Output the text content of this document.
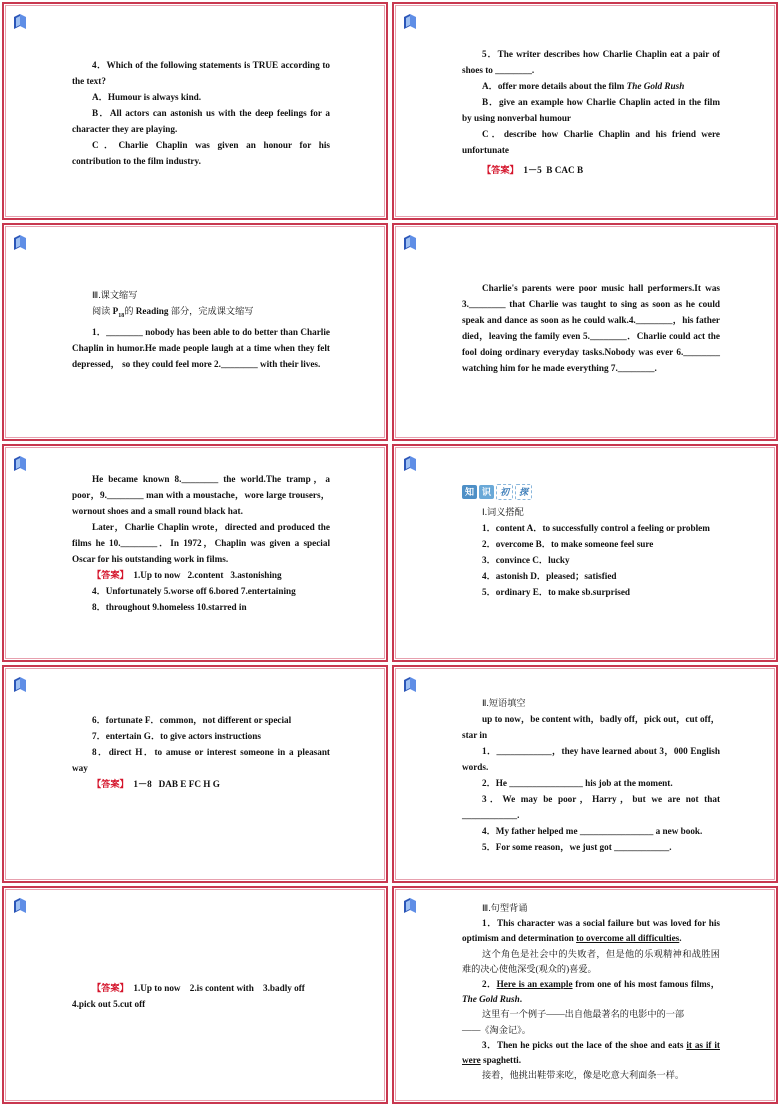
4．Which of the following statements is TRUE according to the text?

A．Humour is always kind.

B．All actors can astonish us with the deep feelings for a character they are playing.

C．Charlie Chaplin was given an honour for his contribution to the film industry.

5．The writer describes how Charlie Chaplin eat a pair of shoes to ________.

A．offer more details about the film The Gold Rush

B．give an example how Charlie Chaplin acted in the film by using nonverbal humour

C．describe how Charlie Chaplin and his friend were unfortunate

【答案】  1－5  B CAC B

Ⅲ.课文缩写

阅读 $P_{18}$的 Reading 部分，完成课文缩写

1．________ nobody has been able to do better than Charlie Chaplin in humor.He made people laugh at a time when they felt depressed， so they could feel more 2.________ with their lives.

Charlie's parents were poor music hall performers.It was 3.________ that Charlie was taught to sing as soon as he could speak and dance as soon as he could walk.4.________，his father died，leaving the family even 5.________．Charlie could act the fool doing ordinary everyday tasks.Nobody was ever 6.________ watching him for he made everything 7.________.

He became known 8.________ the world.The tramp，a poor，9.________ man with a moustache，wore large trousers，wornout shoes and a small round black hat.

Later，Charlie Chaplin wrote，directed and produced the films he 10.________．In 1972，Chaplin was given a special Oscar for his outstanding work in films.

【答案】  1.Up to now   2.content   3.astonishing

4．Unfortunately 5.worse off 6.bored 7.entertaining

8．throughout 9.homeless 10.starred in

知 识	初	探

Ⅰ.词义搭配

1．content A．to successfully control a feeling or problem

2．overcome B．to make someone feel sure

3．convince C．lucky

4．astonish D．pleased；satisfied

5．ordinary E．to make sb.surprised

6．fortunate F．common，not different or special

7．entertain G．to give actors instructions

8．direct H．to amuse or interest someone in a pleasant way

【答案】  1－8   DAB E FC H G

Ⅱ.短语填空

up to now，be content with，badly off，pick out，cut off，star in

1．____________，they have learned about 3，000 English words.

2．He ________________ his job at the moment.

3．We may be poor，Harry，but we are not that ____________.

4．My father helped me ________________ a new book.

5．For some reason，we just got ____________.

【答案】  1.Up to now    2.is content with    3.badly off

4.pick out 5.cut off

Ⅲ.句型背诵

1．This character was a social failure but was loved for his optimism and determination to overcome all difficulties.

这个角色是社会中的失败者，但是他的乐观精神和战胜困难的决心使他深受(观众的)喜爱。

2．Here is an example from one of his most famous films，The Gold Rush.

这里有一个例子——出自他最著名的电影中的一部

——《淘金记》。

3．Then he picks out the lace of the shoe and eats it as if it were spaghetti.

接着，他挑出鞋带来吃，像是吃意大利面条一样。
